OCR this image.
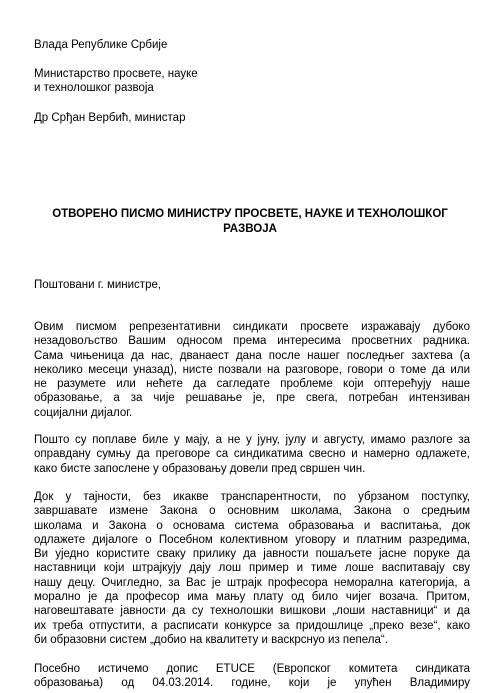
Влада Републике Србије
Министарство просвете, науке
и технолошког развоја
Др Срђан Вербић, министар
ОТВОРЕНО ПИСМО МИНИСТРУ ПРОСВЕТЕ, НАУКЕ И ТЕХНОЛОШКОГ
РАЗВОЈА
Поштовани г. министре,
Овим писмом репрезентативни синдикати просвете изражавају дубоко
незадовољство Вашим односом према интересима просветних радника.
Сама чињеница да нас, дванаест дана после нашег последњег захтева (а
неколико месеци уназад), нисте позвали на разговоре, говори о томе да или
не разумете или нећете да сагледате проблеме који оптерећују наше
образовање, а за чије решавање је, пре свега, потребан интензиван
социјални дијалог.
Пошто су поплаве биле у мају, а не у јуну, јулу и августу, имамо разлоге за
оправдану сумњу да преговоре са синдикатима свесно и намерно одлажете,
како бисте запослене у образовању довели пред свршен чин.
Док у тајности, без икакве транспарентности, по убрзаном поступку,
завршавате измене Закона о основним школама, Закона о средњим
школама и Закона о основама система образовања и васпитања, док
одлажете дијалоге о Посебном колективном уговору и платним разредима,
Ви уједно користите сваку прилику да јавности пошаљете јасне поруке да
наставници који штрајкују дају лош пример и тиме лоше васпитавају сву
нашу децу. Очигледно, за Вас је штрајк професора неморална категорија, а
морално је да професор има мању плату од било чијег возача. Притом,
наговештавате јавности да су технолошки вишкови „лоши наставници“ и да
их треба отпустити, а расписати конкурсе за придошлице „преко везе“, како
би образовни систем „добио на квалитету и васкрснуо из пепела“.
Посебно истичемо допис ETUCE (Европског комитета синдиката
образовања) од 04.03.2014. године, који је упућен Владимиру
